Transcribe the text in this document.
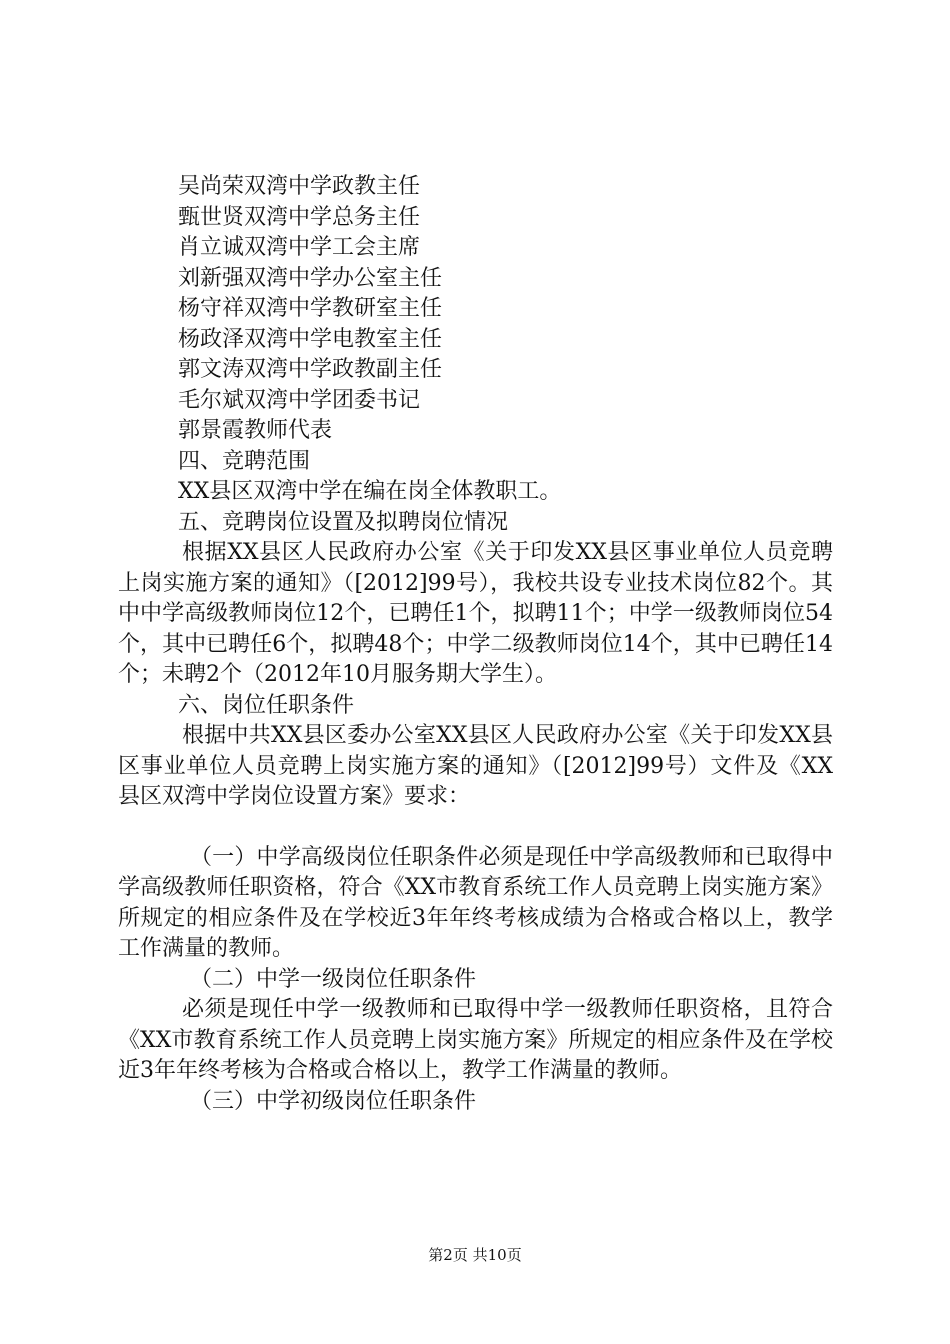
吴尚荣双湾中学政教主任

甄世贤双湾中学总务主任

肖立诚双湾中学工会主席

刘新强双湾中学办公室主任

杨守祥双湾中学教研室主任

杨政泽双湾中学电教室主任

郭文涛双湾中学政教副主任

毛尔斌双湾中学团委书记

郭景霞教师代表

四、竞聘范围

XX县区双湾中学在编在岗全体教职工。

五、竞聘岗位设置及拟聘岗位情况

根据XX县区人民政府办公室《关于印发XX县区事业单位人员竞聘上岗实施方案的通知》（[2012]99号），我校共设专业技术岗位82个。其中中学高级教师岗位12个，已聘任1个，拟聘11个；中学一级教师岗位54个，其中已聘任6个，拟聘48个；中学二级教师岗位14个，其中已聘任14个；未聘2个（2012年10月服务期大学生）。

六、岗位任职条件

根据中共XX县区委办公室XX县区人民政府办公室《关于印发XX县区事业单位人员竞聘上岗实施方案的通知》（[2012]99号）文件及《XX县区双湾中学岗位设置方案》要求：

（一）中学高级岗位任职条件必须是现任中学高级教师和已取得中学高级教师任职资格，符合《XX市教育系统工作人员竞聘上岗实施方案》所规定的相应条件及在学校近3年年终考核成绩为合格或合格以上，教学工作满量的教师。

（二）中学一级岗位任职条件

必须是现任中学一级教师和已取得中学一级教师任职资格，且符合《XX市教育系统工作人员竞聘上岗实施方案》所规定的相应条件及在学校近3年年终考核为合格或合格以上，教学工作满量的教师。

（三）中学初级岗位任职条件

第2页 共10页
